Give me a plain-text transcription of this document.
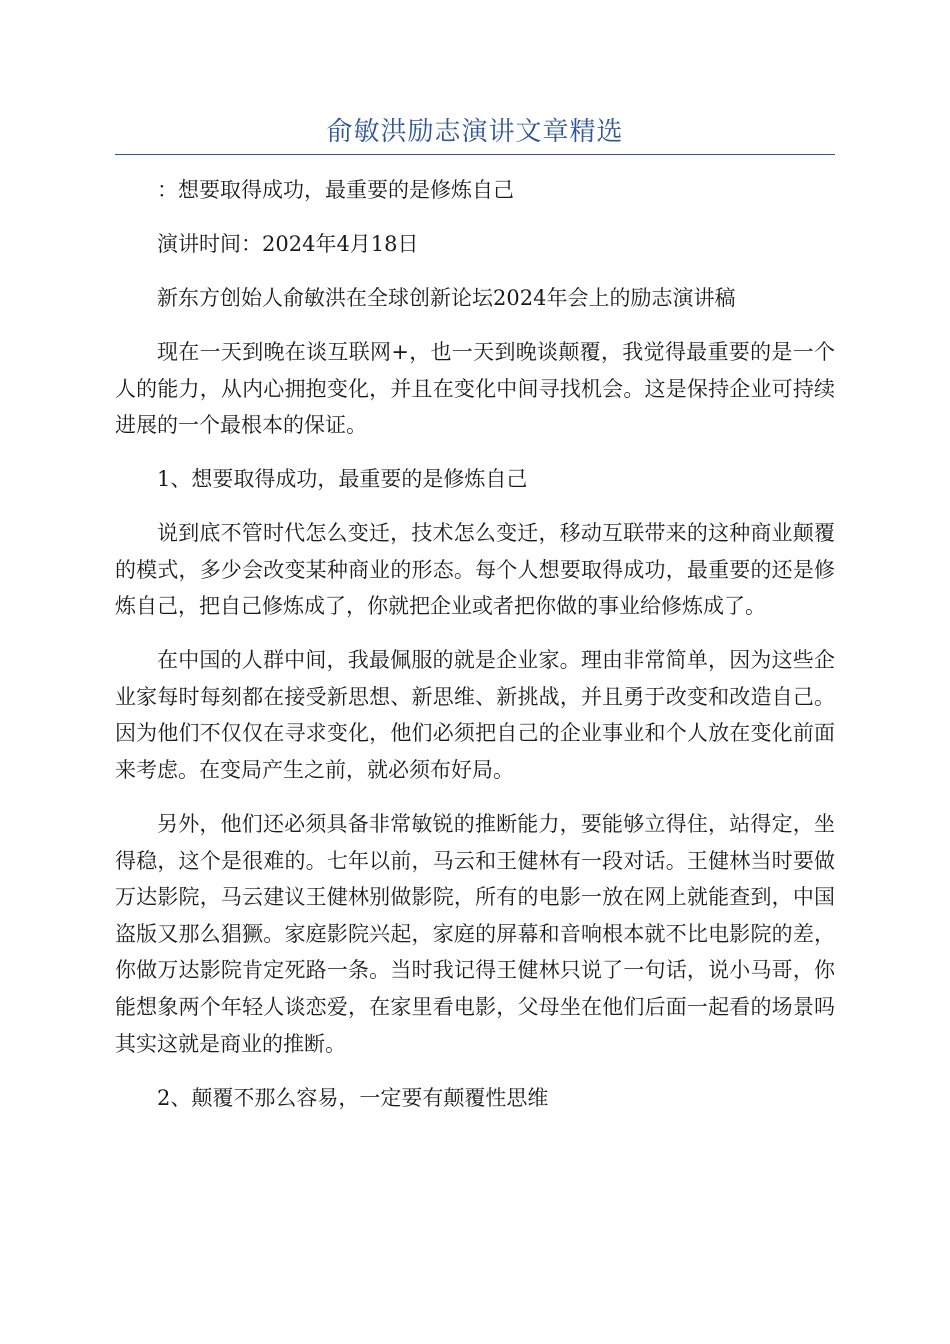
俞敏洪励志演讲文章精选

：想要取得成功，最重要的是修炼自己

演讲时间：2024年4月18日

新东方创始人俞敏洪在全球创新论坛2024年会上的励志演讲稿

现在一天到晚在谈互联网+，也一天到晚谈颠覆，我觉得最重要的是一个人的能力，从内心拥抱变化，并且在变化中间寻找机会。这是保持企业可持续进展的一个最根本的保证。

1、想要取得成功，最重要的是修炼自己

说到底不管时代怎么变迁，技术怎么变迁，移动互联带来的这种商业颠覆的模式，多少会改变某种商业的形态。每个人想要取得成功，最重要的还是修炼自己，把自己修炼成了，你就把企业或者把你做的事业给修炼成了。

在中国的人群中间，我最佩服的就是企业家。理由非常简单，因为这些企业家每时每刻都在接受新思想、新思维、新挑战，并且勇于改变和改造自己。因为他们不仅仅在寻求变化，他们必须把自己的企业事业和个人放在变化前面来考虑。在变局产生之前，就必须布好局。

另外，他们还必须具备非常敏锐的推断能力，要能够立得住，站得定，坐得稳，这个是很难的。七年以前，马云和王健林有一段对话。王健林当时要做万达影院，马云建议王健林别做影院，所有的电影一放在网上就能查到，中国盗版又那么猖獗。家庭影院兴起，家庭的屏幕和音响根本就不比电影院的差，你做万达影院肯定死路一条。当时我记得王健林只说了一句话，说小马哥，你能想象两个年轻人谈恋爱，在家里看电影，父母坐在他们后面一起看的场景吗其实这就是商业的推断。

2、颠覆不那么容易，一定要有颠覆性思维
